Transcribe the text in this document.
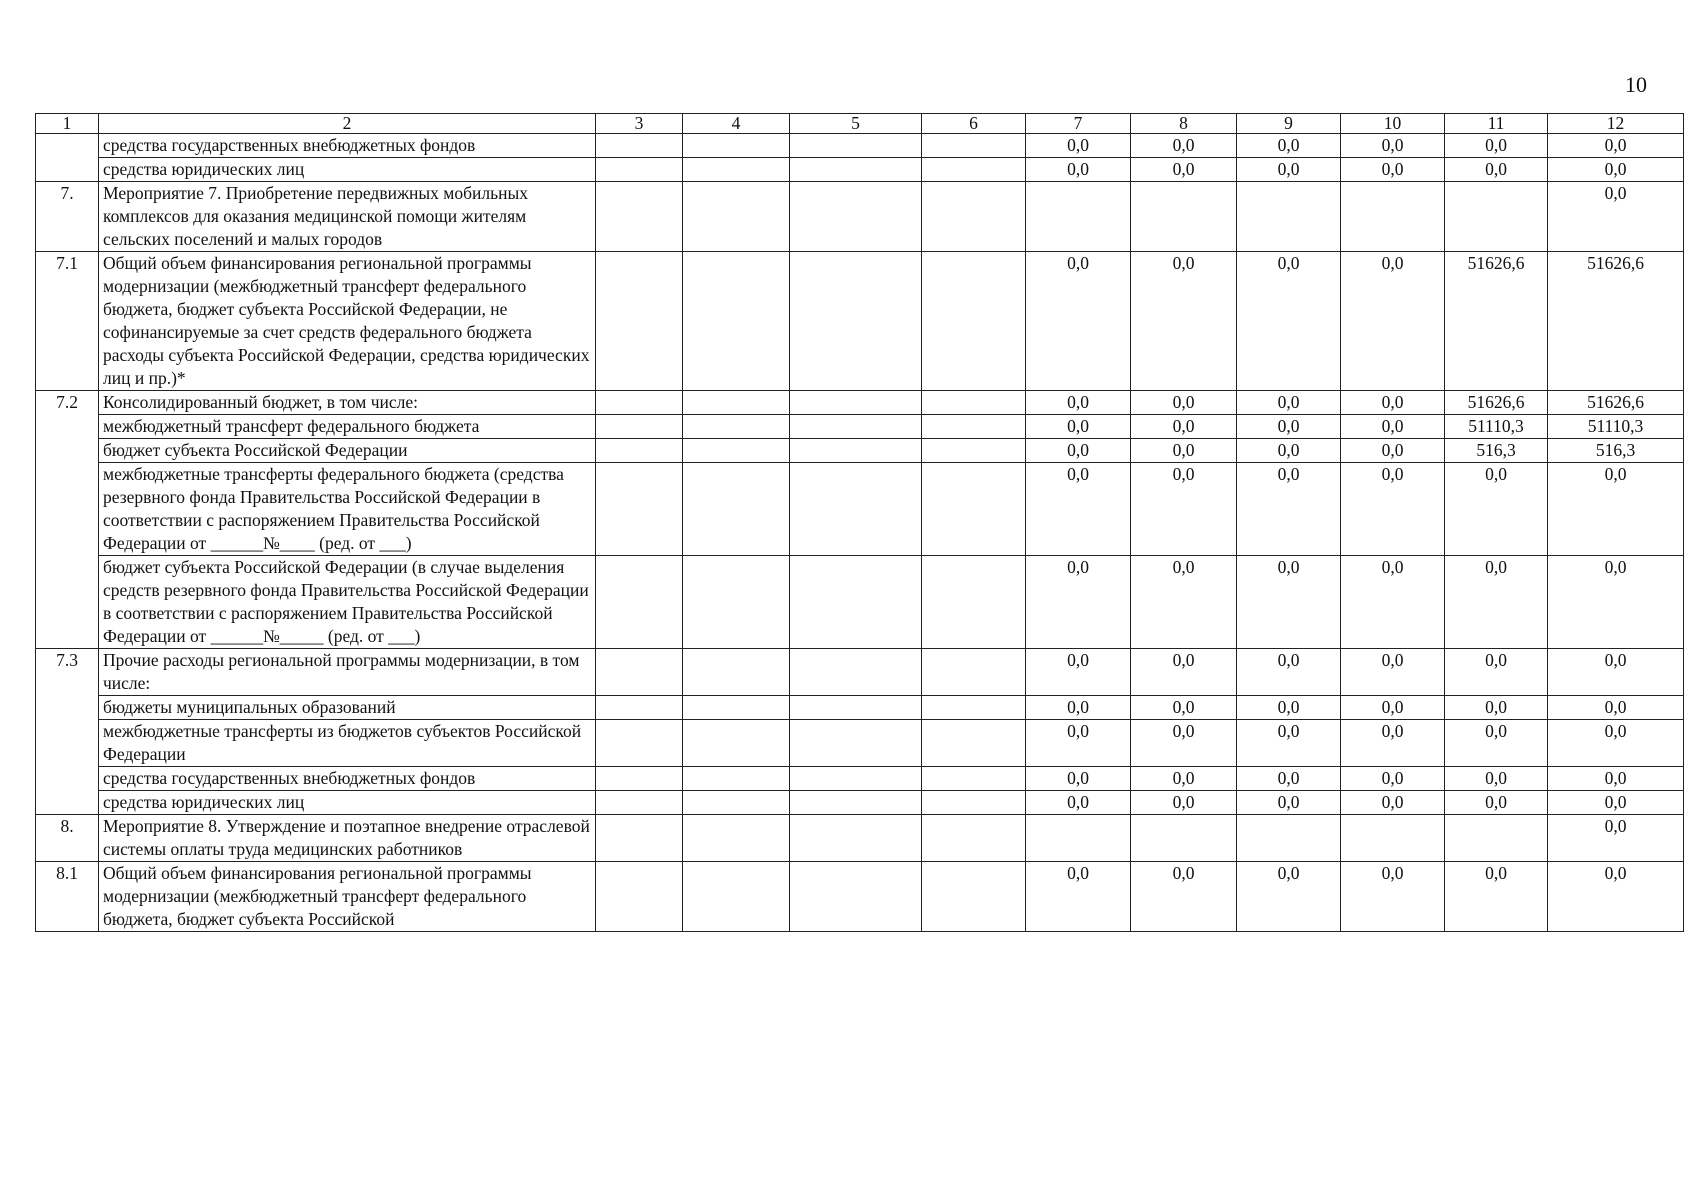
10
1	2	3	4	5	6	7	8	9	10	11	12
	средства государственных внебюджетных фондов					0,0	0,0	0,0	0,0	0,0	0,0
	средства юридических лиц					0,0	0,0	0,0	0,0	0,0	0,0
7.	Мероприятие 7. Приобретение передвижных мобильных комплексов для оказания медицинской помощи жителям сельских поселений и малых городов										0,0
7.1	Общий объем финансирования региональной программы модернизации (межбюджетный трансферт федерального бюджета, бюджет субъекта Российской Федерации, не софинансируемые за счет средств федерального бюджета расходы субъекта Российской Федерации, средства юридических лиц и пр.)*					0,0	0,0	0,0	0,0	51626,6	51626,6
7.2	Консолидированный бюджет, в том числе:					0,0	0,0	0,0	0,0	51626,6	51626,6
	межбюджетный трансферт федерального бюджета					0,0	0,0	0,0	0,0	51110,3	51110,3
	бюджет субъекта Российской Федерации					0,0	0,0	0,0	0,0	516,3	516,3
	межбюджетные трансферты федерального бюджета (средства резервного фонда Правительства Российской Федерации в соответствии с распоряжением Правительства Российской Федерации от ______№____ (ред. от ___)					0,0	0,0	0,0	0,0	0,0	0,0
	бюджет субъекта Российской Федерации (в случае выделения средств резервного фонда Правительства Российской Федерации в соответствии с распоряжением Правительства Российской Федерации от ______№_____ (ред. от ___)					0,0	0,0	0,0	0,0	0,0	0,0
7.3	Прочие расходы региональной программы модернизации, в том числе:					0,0	0,0	0,0	0,0	0,0	0,0
	бюджеты муниципальных образований					0,0	0,0	0,0	0,0	0,0	0,0
	межбюджетные трансферты из бюджетов субъектов Российской Федерации					0,0	0,0	0,0	0,0	0,0	0,0
	средства государственных внебюджетных фондов					0,0	0,0	0,0	0,0	0,0	0,0
	средства юридических лиц					0,0	0,0	0,0	0,0	0,0	0,0
8.	Мероприятие 8. Утверждение и поэтапное внедрение отраслевой системы оплаты труда медицинских работников										0,0
8.1	Общий объем финансирования региональной программы модернизации (межбюджетный трансферт федерального бюджета, бюджет субъекта Российской					0,0	0,0	0,0	0,0	0,0	0,0
